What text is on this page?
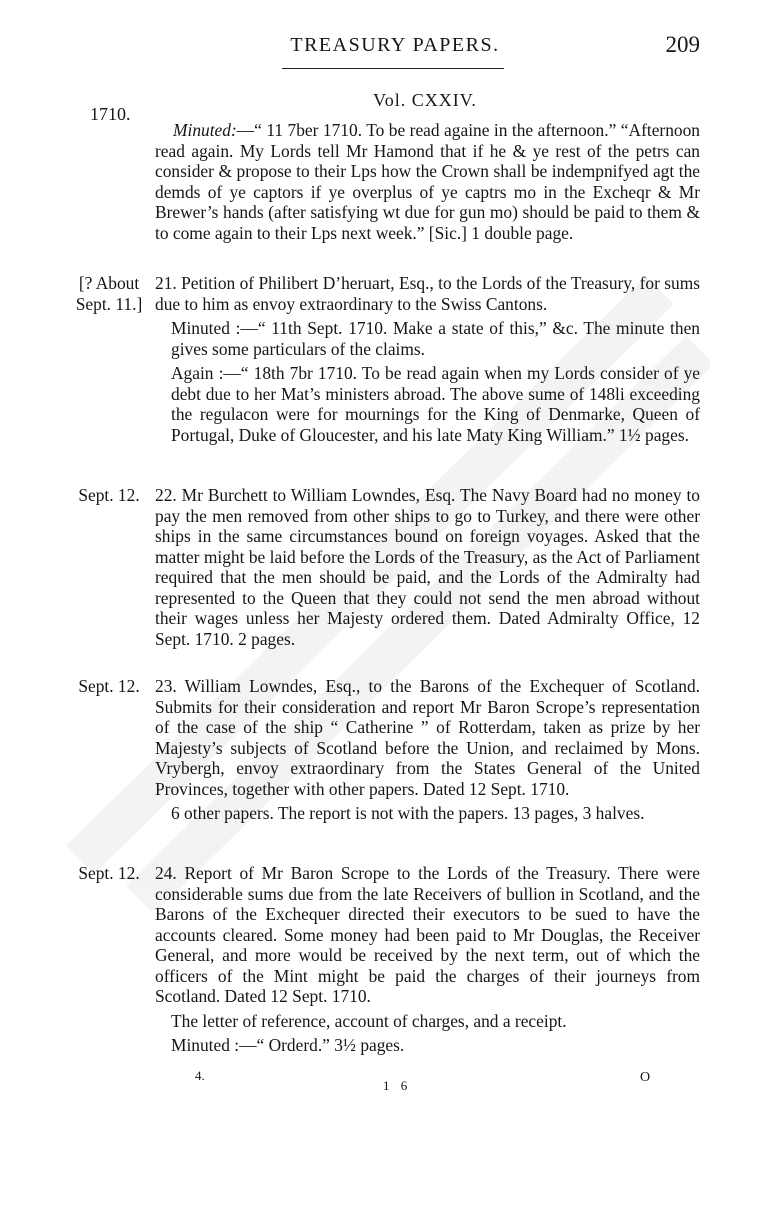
TREASURY PAPERS.	209
1710.
Vol. CXXIV.

Minuted:—“ 11 7ber 1710. To be read againe in the afternoon.” “Afternoon read again. My Lords tell Mr Hamond that if he & ye rest of the petrs can consider & propose to their Lps how the Crown shall be indempnifyed agt the demds of ye captors if ye overplus of ye captrs mo in the Excheqr & Mr Brewer’s hands (after satisfying wt due for gun mo) should be paid to them & to come again to their Lps next week.” [Sic.] 1 double page.

[? About Sept. 11.]

21. Petition of Philibert D’heruart, Esq., to the Lords of the Treasury, for sums due to him as envoy extraordinary to the Swiss Cantons.

Minuted :—“ 11th Sept. 1710. Make a state of this,” &c. The minute then gives some particulars of the claims.

Again :—“ 18th 7br 1710. To be read again when my Lords consider of ye debt due to her Mat’s ministers abroad. The above sume of 148li exceeding the regulacon were for mournings for the King of Denmarke, Queen of Portugal, Duke of Gloucester, and his late Maty King William.” 1½ pages.

Sept. 12. 22. Mr Burchett to William Lowndes, Esq. The Navy Board had no money to pay the men removed from other ships to go to Turkey, and there were other ships in the same circumstances bound on foreign voyages. Asked that the matter might be laid before the Lords of the Treasury, as the Act of Parliament required that the men should be paid, and the Lords of the Admiralty had represented to the Queen that they could not send the men abroad without their wages unless her Majesty ordered them. Dated Admiralty Office, 12 Sept. 1710. 2 pages.

Sept. 12. 23. William Lowndes, Esq., to the Barons of the Exchequer of Scotland. Submits for their consideration and report Mr Baron Scrope’s representation of the case of the ship “ Catherine ” of Rotterdam, taken as prize by her Majesty’s subjects of Scotland before the Union, and reclaimed by Mons. Vrybergh, envoy extraordinary from the States General of the United Provinces, together with other papers. Dated 12 Sept. 1710.

6 other papers. The report is not with the papers. 13 pages, 3 halves.

Sept. 12. 24. Report of Mr Baron Scrope to the Lords of the Treasury. There were considerable sums due from the late Receivers of bullion in Scotland, and the Barons of the Exchequer directed their executors to be sued to have the accounts cleared. Some money had been paid to Mr Douglas, the Receiver General, and more would be received by the next term, out of which the officers of the Mint might be paid the charges of their journeys from Scotland. Dated 12 Sept. 1710.

The letter of reference, account of charges, and a receipt.

Minuted :—“ Orderd.” 3½ pages.

4.
1 6
O
